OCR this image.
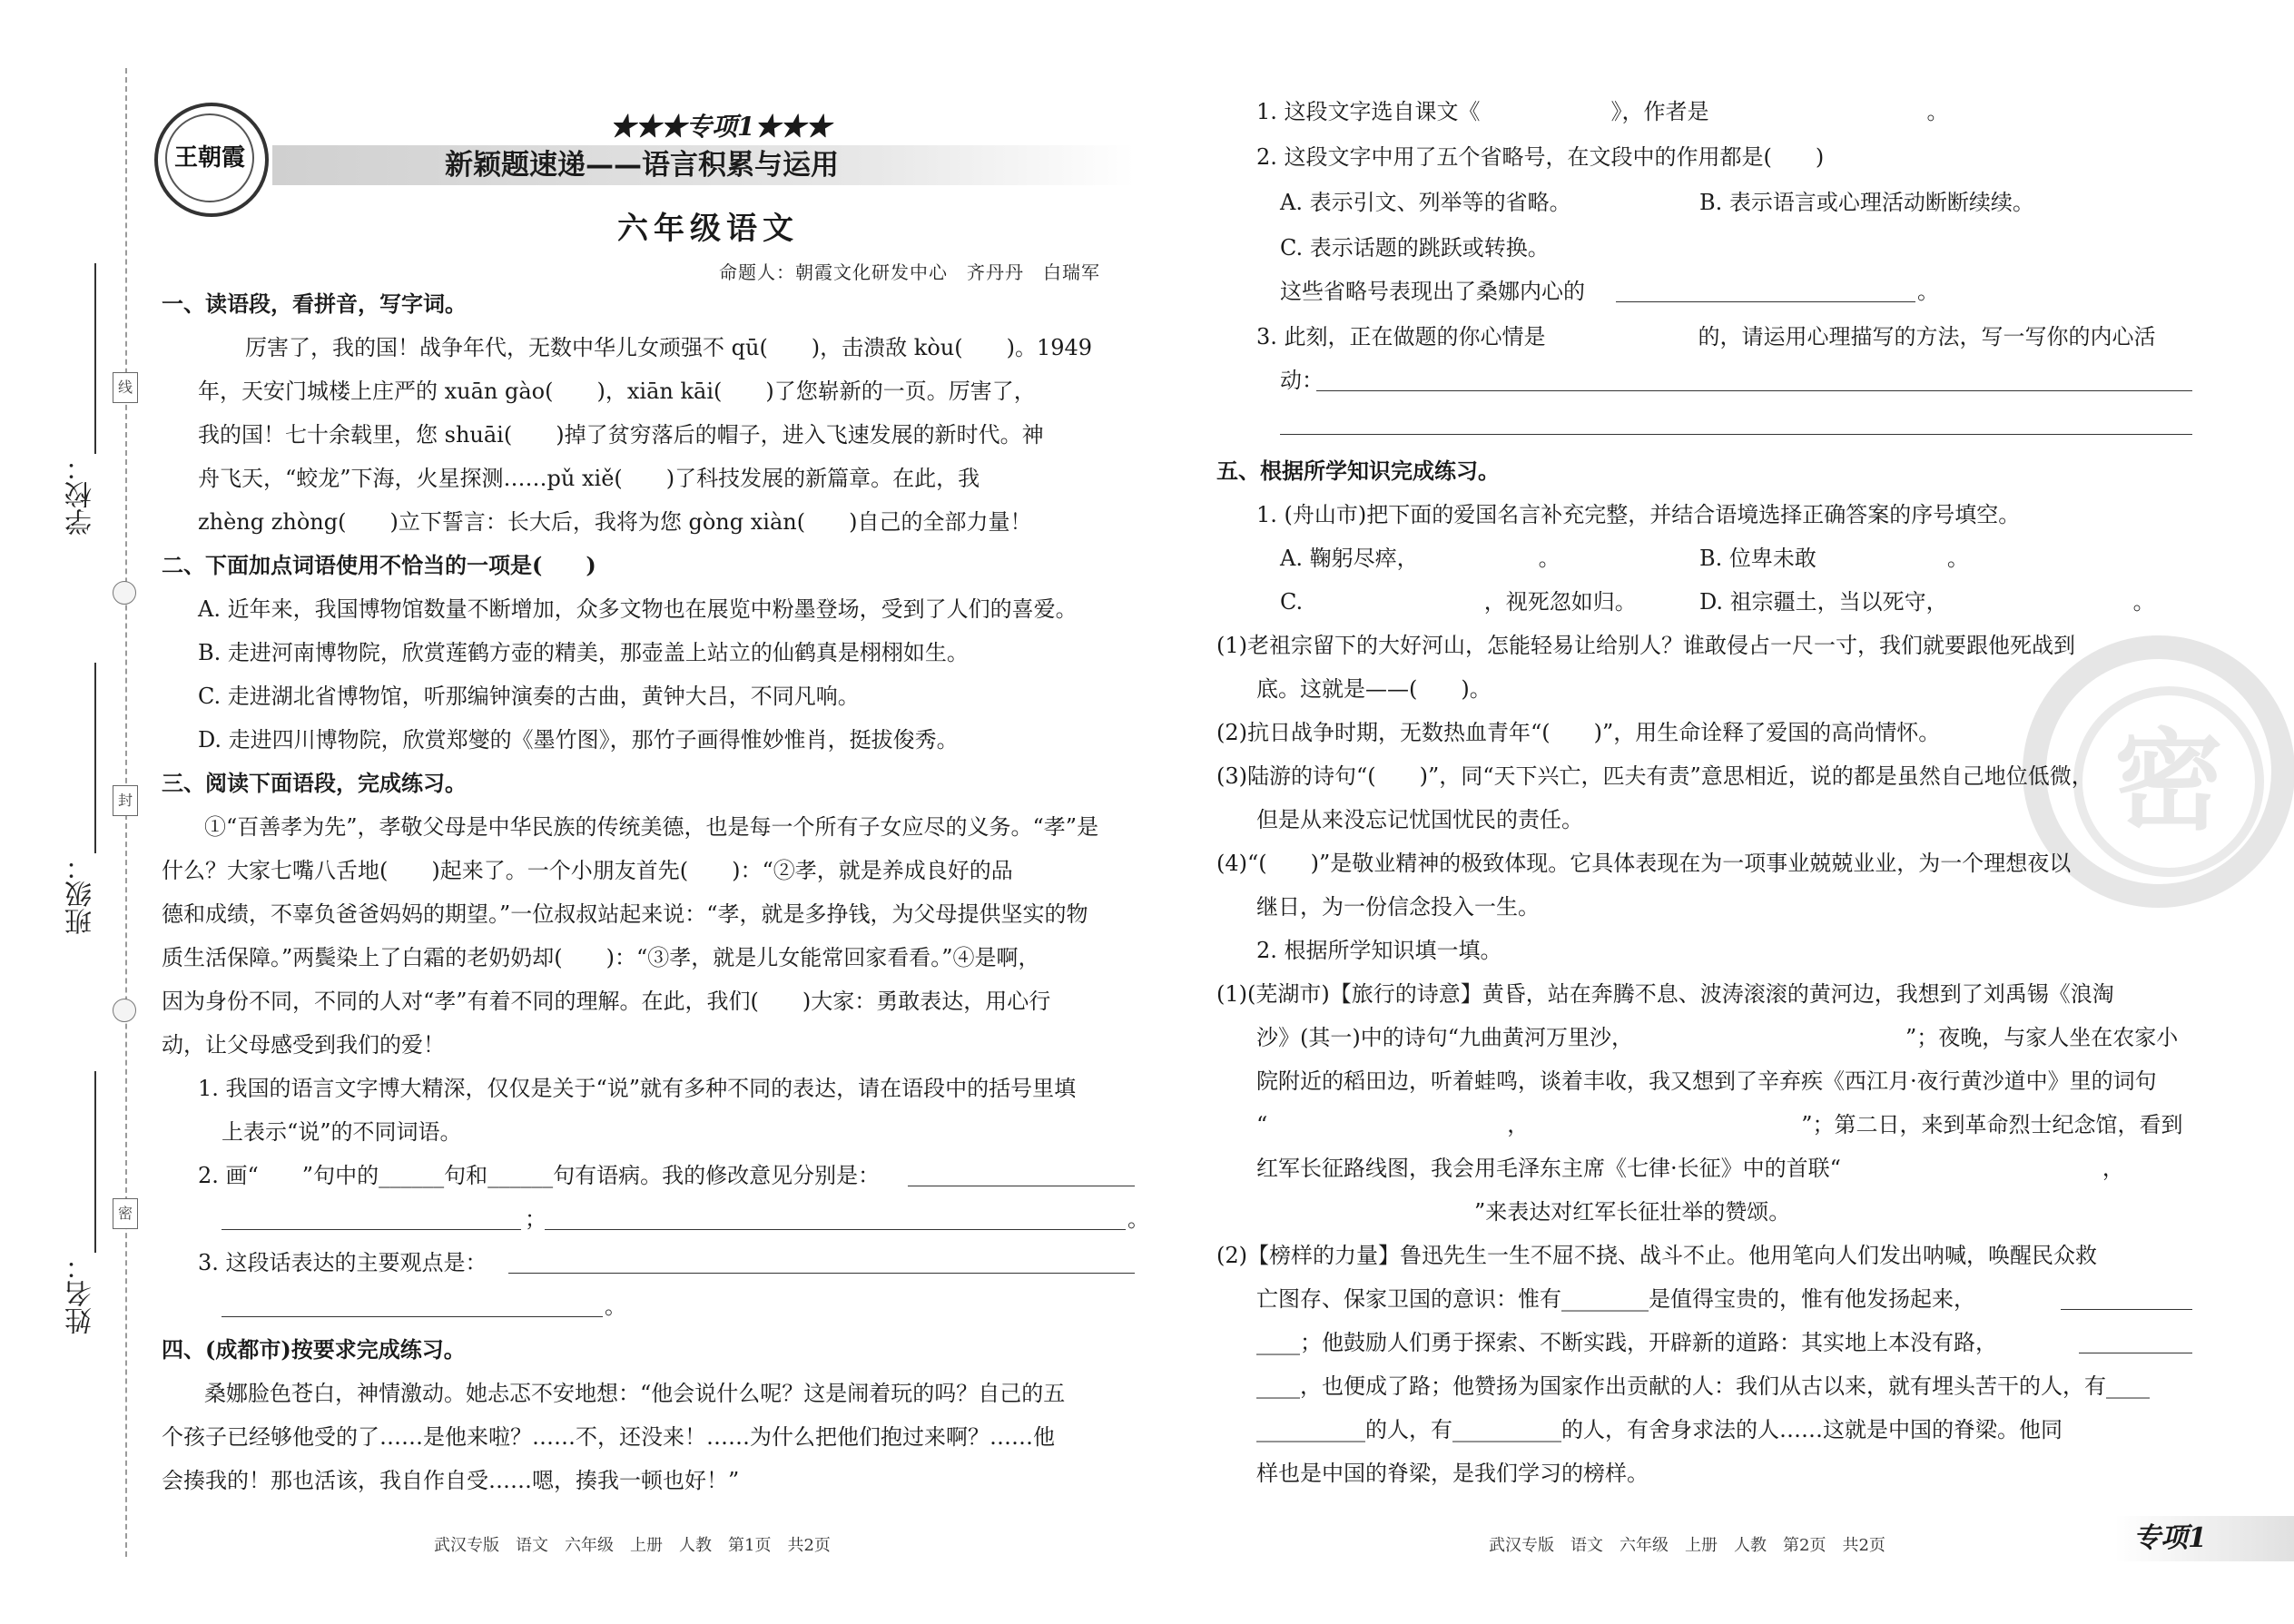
学校：
班级：
姓名：
线
封
密
王朝霞
★★★专项1★★★
新颖题速递——语言积累与运用
六年级语文
命题人：朝霞文化研发中心　齐丹丹　白瑞军
一、读语段，看拼音，写字词。
厉害了，我的国！战争年代，无数中华儿女顽强不 qū(　　)，击溃敌 kòu(　　)。1949
年，天安门城楼上庄严的 xuān gào(　　)，xiān kāi(　　)了您崭新的一页。厉害了，
我的国！七十余载里，您 shuāi(　　)掉了贫穷落后的帽子，进入飞速发展的新时代。神
舟飞天，“蛟龙”下海，火星探测……pǔ xiě(　　)了科技发展的新篇章。在此，我
zhèng zhòng(　　)立下誓言：长大后，我将为您 gòng xiàn(　　)自己的全部力量！
二、下面加点词语使用不恰当的一项是(　　)
A. 近年来，我国博物馆数量不断增加，众多文物也在展览中粉墨登场，受到了人们的喜爱。
B. 走进河南博物院，欣赏莲鹤方壶的精美，那壶盖上站立的仙鹤真是栩栩如生。
C. 走进湖北省博物馆，听那编钟演奏的古曲，黄钟大吕，不同凡响。
D. 走进四川博物院，欣赏郑燮的《墨竹图》，那竹子画得惟妙惟肖，挺拔俊秀。
三、阅读下面语段，完成练习。
①“百善孝为先”，孝敬父母是中华民族的传统美德，也是每一个所有子女应尽的义务。“孝”是
什么？大家七嘴八舌地(　　)起来了。一个小朋友首先(　　)：“②孝，就是养成良好的品
德和成绩，不辜负爸爸妈妈的期望。”一位叔叔站起来说：“孝，就是多挣钱，为父母提供坚实的物
质生活保障。”两鬓染上了白霜的老奶奶却(　　)：“③孝，就是儿女能常回家看看。”④是啊，
因为身份不同，不同的人对“孝”有着不同的理解。在此，我们(　　)大家：勇敢表达，用心行
动，让父母感受到我们的爱！
1. 我国的语言文字博大精深，仅仅是关于“说”就有多种不同的表达，请在语段中的括号里填
上表示“说”的不同词语。
2. 画“　　”句中的______句和______句有语病。我的修改意见分别是：
；	。
3. 这段话表达的主要观点是：
。
四、(成都市)按要求完成练习。
桑娜脸色苍白，神情激动。她忐忑不安地想：“他会说什么呢？这是闹着玩的吗？自己的五
个孩子已经够他受的了……是他来啦？……不，还没来！……为什么把他们抱过来啊？……他
会揍我的！那也活该，我自作自受……嗯，揍我一顿也好！”
武汉专版　语文　六年级　上册　人教　第1页　共2页
密
1. 这段文字选自课文《　　　　　　》，作者是　　　　　　　　　　。
2. 这段文字中用了五个省略号，在文段中的作用都是(　　)
A. 表示引文、列举等的省略。	B. 表示语言或心理活动断断续续。
C. 表示话题的跳跃或转换。
这些省略号表现出了桑娜内心的	。
3. 此刻，正在做题的你心情是　　　　　　　的，请运用心理描写的方法，写一写你的内心活
动：
五、根据所学知识完成练习。
1. (舟山市)把下面的爱国名言补充完整，并结合语境选择正确答案的序号填空。
A. 鞠躬尽瘁，　　　　　　。	B. 位卑未敢　　　　　　。
C. 　　　　　　　　，视死忽如归。	D. 祖宗疆土，当以死守，　　　　　　　　　。
(1)老祖宗留下的大好河山，怎能轻易让给别人？谁敢侵占一尺一寸，我们就要跟他死战到
底。这就是——(　　)。
(2)抗日战争时期，无数热血青年“(　　)”，用生命诠释了爱国的高尚情怀。
(3)陆游的诗句“(　　)”，同“天下兴亡，匹夫有责”意思相近，说的都是虽然自己地位低微，
但是从来没忘记忧国忧民的责任。
(4)“(　　)”是敬业精神的极致体现。它具体表现在为一项事业兢兢业业，为一个理想夜以
继日，为一份信念投入一生。
2. 根据所学知识填一填。
(1)(芜湖市)【旅行的诗意】黄昏，站在奔腾不息、波涛滚滚的黄河边，我想到了刘禹锡《浪淘
沙》(其一)中的诗句“九曲黄河万里沙，　　　　　　　　　　　　　”；夜晚，与家人坐在农家小
院附近的稻田边，听着蛙鸣，谈着丰收，我又想到了辛弃疾《西江月·夜行黄沙道中》里的词句
“　　　　　　　　　　　，　　　　　　　　　　　　　”；第二日，来到革命烈士纪念馆，看到
红军长征路线图，我会用毛泽东主席《七律·长征》中的首联“　　　　　　　　　　　　，　　　
　　　　　　　　　　”来表达对红军长征壮举的赞颂。
(2)【榜样的力量】鲁迅先生一生不屈不挠、战斗不止。他用笔向人们发出呐喊，唤醒民众救
亡图存、保家卫国的意识：惟有________是值得宝贵的，惟有他发扬起来，
____；他鼓励人们勇于探索、不断实践，开辟新的道路：其实地上本没有路，
____，也便成了路；他赞扬为国家作出贡献的人：我们从古以来，就有埋头苦干的人，有____
__________的人，有__________的人，有舍身求法的人……这就是中国的脊梁。他同
样也是中国的脊梁，是我们学习的榜样。
武汉专版　语文　六年级　上册　人教　第2页　共2页	专项1
